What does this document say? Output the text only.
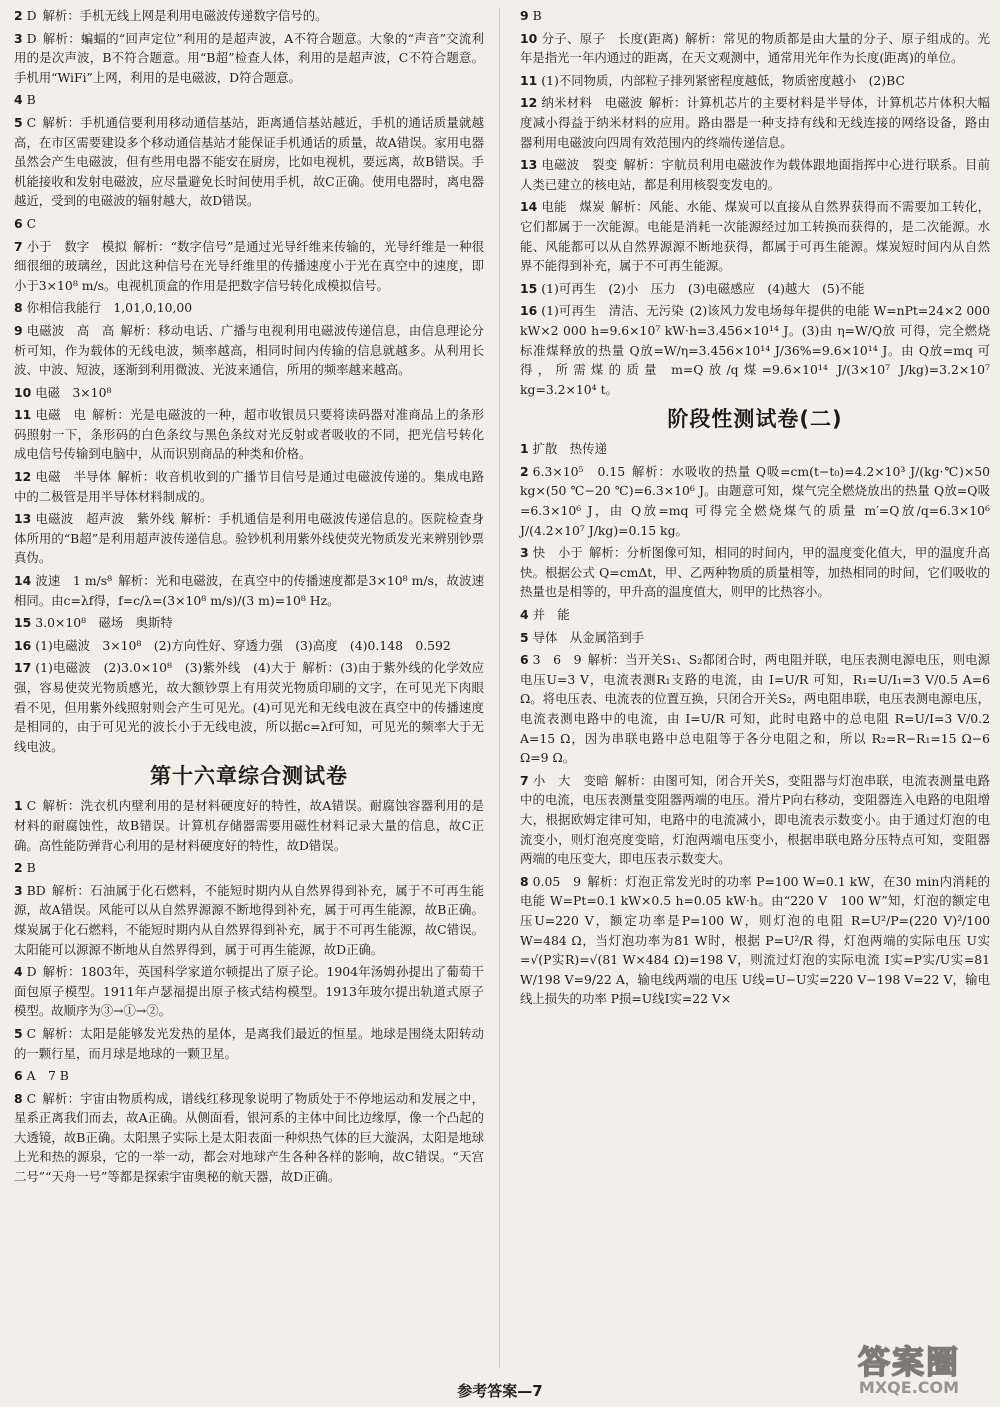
2 D 解析：手机无线上网是利用电磁波传递数字信号的。
3 D 解析：蝙蝠的“回声定位”利用的是超声波，A不符合题意。大象的“声音”交流利用的是次声波，B不符合题意。用“B超”检查人体，利用的是超声波，C不符合题意。手机用“WiFi”上网，利用的是电磁波，D符合题意。
4 B
5 C 解析：手机通信要利用移动通信基站，距离通信基站越近，手机的通话质量就越高，在市区需要建设多个移动通信基站才能保证手机通话的质量，故A错误。家用电器虽然会产生电磁波，但有些用电器不能安在厨房，比如电视机，要远离，故B错误。手机能接收和发射电磁波，应尽量避免长时间使用手机，故C正确。使用电器时，离电器越近，受到的电磁波的辐射越大，故D错误。
6 C
7 小于　数字　模拟 解析：“数字信号”是通过光导纤维来传输的，光导纤维是一种很细很细的玻璃丝，因此这种信号在光导纤维里的传播速度小于光在真空中的速度，即小于3×10⁸ m/s。电视机顶盒的作用是把数字信号转化成模拟信号。
8 你相信我能行　1,01,0,10,00
9 电磁波　高　高 解析：移动电话、广播与电视利用电磁波传递信息，由信息理论分析可知，作为载体的无线电波，频率越高，相同时间内传输的信息就越多。从利用长波、中波、短波，逐渐到利用微波、光波来通信，所用的频率越来越高。
10 电磁　3×10⁸
11 电磁　电 解析：光是电磁波的一种，超市收银员只要将读码器对准商品上的条形码照射一下，条形码的白色条纹与黑色条纹对光反射或者吸收的不同，把光信号转化成电信号传输到电脑中，从而识别商品的种类和价格。
12 电磁　半导体 解析：收音机收到的广播节目信号是通过电磁波传递的。集成电路中的二极管是用半导体材料制成的。
13 电磁波　超声波　紫外线 解析：手机通信是利用电磁波传递信息的。医院检查身体所用的“B超”是利用超声波传递信息。验钞机利用紫外线使荧光物质发光来辨别钞票真伪。
14 波速　1 m/s⁸ 解析：光和电磁波，在真空中的传播速度都是3×10⁸ m/s，故波速相同。由c=λf得，f=c/λ=(3×10⁸ m/s)/(3 m)=10⁸ Hz。
15 3.0×10⁸　磁场　奥斯特
16 (1)电磁波　3×10⁸　(2)方向性好、穿透力强　(3)高度　(4)0.148　0.592
17 (1)电磁波　(2)3.0×10⁸　(3)紫外线　(4)大于 解析：(3)由于紫外线的化学效应强，容易使荧光物质感光，故大额钞票上有用荧光物质印刷的文字，在可见光下肉眼看不见，但用紫外线照射则会产生可见光。(4)可见光和无线电波在真空中的传播速度是相同的，由于可见光的波长小于无线电波，所以据c=λf可知，可见光的频率大于无线电波。
第十六章综合测试卷
1 C 解析：洗衣机内壁利用的是材料硬度好的特性，故A错误。耐腐蚀容器利用的是材料的耐腐蚀性，故B错误。计算机存储器需要用磁性材料记录大量的信息，故C正确。高性能防弹背心利用的是材料硬度好的特性，故D错误。
2 B
3 BD 解析：石油属于化石燃料，不能短时期内从自然界得到补充，属于不可再生能源，故A错误。风能可以从自然界源源不断地得到补充，属于可再生能源，故B正确。煤炭属于化石燃料，不能短时期内从自然界得到补充，属于不可再生能源，故C错误。太阳能可以源源不断地从自然界得到，属于可再生能源，故D正确。
4 D 解析：1803年，英国科学家道尔顿提出了原子论。1904年汤姆孙提出了葡萄干面包原子模型。1911年卢瑟福提出原子核式结构模型。1913年玻尔提出轨道式原子模型。故顺序为③→①→②。
5 C 解析：太阳是能够发光发热的星体，是离我们最近的恒星。地球是围绕太阳转动的一颗行星，而月球是地球的一颗卫星。
6 A　7 B
8 C 解析：宇宙由物质构成，谱线红移现象说明了物质处于不停地运动和发展之中，星系正离我们而去，故A正确。从侧面看，银河系的主体中间比边缘厚，像一个凸起的大透镜，故B正确。太阳黑子实际上是太阳表面一种炽热气体的巨大漩涡，太阳是地球上光和热的源泉，它的一举一动，都会对地球产生各种各样的影响，故C错误。“天宫二号”“天舟一号”等都是探索宇宙奥秘的航天器，故D正确。
9 B
10 分子、原子　长度(距离) 解析：常见的物质都是由大量的分子、原子组成的。光年是指光一年内通过的距离，在天文观测中，通常用光年作为长度(距离)的单位。
11 (1)不同物质，内部粒子排列紧密程度越低，物质密度越小　(2)BC
12 纳米材料　电磁波 解析：计算机芯片的主要材料是半导体，计算机芯片体积大幅度减小得益于纳米材料的应用。路由器是一种支持有线和无线连接的网络设备，路由器利用电磁波向四周有效范围内的终端传递信息。
13 电磁波　裂变 解析：宇航员利用电磁波作为载体跟地面指挥中心进行联系。目前人类已建立的核电站，都是利用核裂变发电的。
14 电能　煤炭 解析：风能、水能、煤炭可以直接从自然界获得而不需要加工转化，它们都属于一次能源。电能是消耗一次能源经过加工转换而获得的，是二次能源。水能、风能都可以从自然界源源不断地获得，都属于可再生能源。煤炭短时间内从自然界不能得到补充，属于不可再生能源。
15 (1)可再生　(2)小　压力　(3)电磁感应　(4)越大　(5)不能
16 (1)可再生　清洁、无污染 (2)该风力发电场每年提供的电能 W=nPt=24×2 000 kW×2 000 h=9.6×10⁷ kW·h=3.456×10¹⁴ J。(3)由 η=W/Q放 可得，完全燃烧标准煤释放的热量 Q放=W/η=3.456×10¹⁴ J/36%=9.6×10¹⁴ J。由 Q放=mq 可得，所需煤的质量 m=Q放/q煤=9.6×10¹⁴ J/(3×10⁷ J/kg)=3.2×10⁷ kg=3.2×10⁴ t。
阶段性测试卷(二)
1 扩散　热传递
2 6.3×10⁵　0.15 解析：水吸收的热量 Q吸=cm(t−t₀)=4.2×10³ J/(kg·℃)×50 kg×(50 ℃−20 ℃)=6.3×10⁶ J。由题意可知，煤气完全燃烧放出的热量 Q放=Q吸=6.3×10⁶ J，由 Q放=mq 可得完全燃烧煤气的质量 m′=Q放/q=6.3×10⁶ J/(4.2×10⁷ J/kg)=0.15 kg。
3 快　小于 解析：分析图像可知，相同的时间内，甲的温度变化值大，甲的温度升高快。根据公式 Q=cmΔt，甲、乙两种物质的质量相等，加热相同的时间，它们吸收的热量也是相等的，甲升高的温度值大，则甲的比热容小。
4 并　能
5 导体　从金属箔到手
6 3　6　9 解析：当开关S₁、S₂都闭合时，两电阻并联，电压表测电源电压，则电源电压U=3 V，电流表测R₁支路的电流，由 I=U/R 可知，R₁=U/I₁=3 V/0.5 A=6 Ω。将电压表、电流表的位置互换，只闭合开关S₂，两电阻串联，电压表测电源电压，电流表测电路中的电流，由 I=U/R 可知，此时电路中的总电阻 R=U/I=3 V/0.2 A=15 Ω，因为串联电路中总电阻等于各分电阻之和，所以 R₂=R−R₁=15 Ω−6 Ω=9 Ω。
7 小　大　变暗 解析：由图可知，闭合开关S，变阻器与灯泡串联，电流表测量电路中的电流，电压表测量变阻器两端的电压。滑片P向右移动，变阻器连入电路的电阻增大，根据欧姆定律可知，电路中的电流减小，即电流表示数变小。由于通过灯泡的电流变小，则灯泡亮度变暗，灯泡两端电压变小，根据串联电路分压特点可知，变阻器两端的电压变大，即电压表示数变大。
8 0.05　9 解析：灯泡正常发光时的功率 P=100 W=0.1 kW，在30 min内消耗的电能 W=Pt=0.1 kW×0.5 h=0.05 kW·h。由“220 V　100 W”知，灯泡的额定电压U=220 V，额定功率是P=100 W，则灯泡的电阻 R=U²/P=(220 V)²/100 W=484 Ω，当灯泡功率为81 W时，根据 P=U²/R 得，灯泡两端的实际电压 U实=√(P实R)=√(81 W×484 Ω)=198 V，则流过灯泡的实际电流 I实=P实/U实=81 W/198 V=9/22 A，输电线两端的电压 U线=U−U实=220 V−198 V=22 V，输电线上损失的功率 P损=U线I实=22 V×
参考答案—7
答案圈
MXQE.COM
